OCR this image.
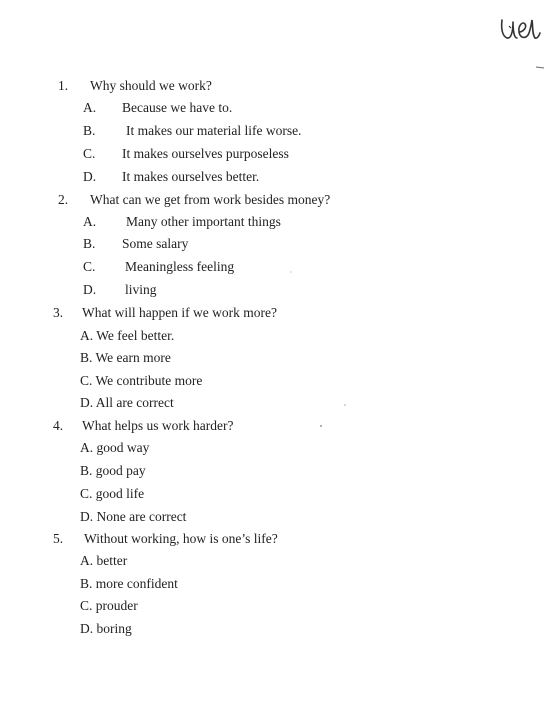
1. Why should we work?
A. Because we have to.
B. It makes our material life worse.
C. It makes ourselves purposeless
D. It makes ourselves better.
2. What can we get from work besides money?
A. Many other important things
B. Some salary
C. Meaningless feeling
D. living
3. What will happen if we work more?
A. We feel better.
B. We earn more
C. We contribute more
D. All are correct
4. What helps us work harder?
A. good way
B. good pay
C. good life
D. None are correct
5. Without working, how is one’s life?
A. better
B. more confident
C. prouder
D. boring
